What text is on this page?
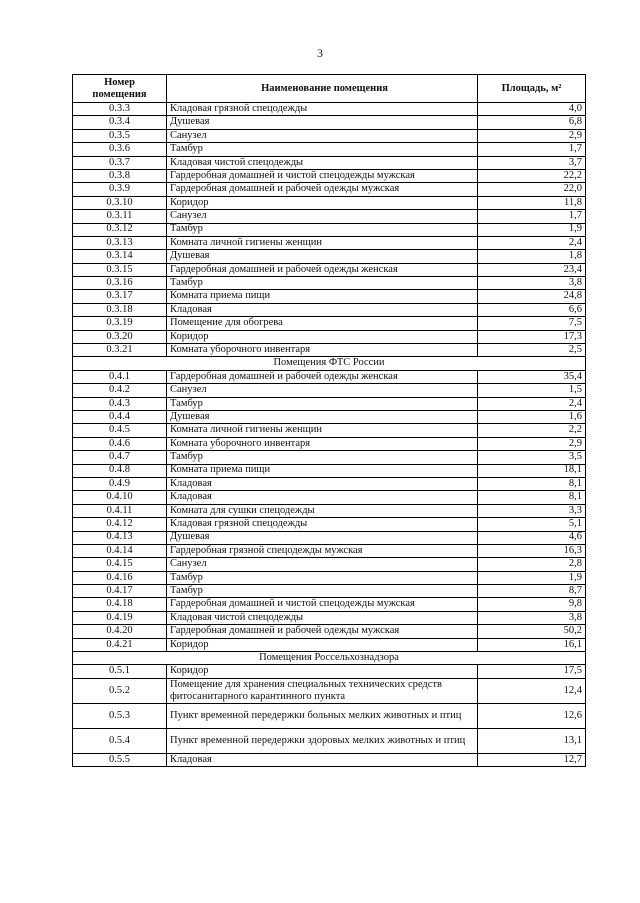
3
Номер помещения	Наименование помещения	Площадь, м²
0.3.3	Кладовая грязной спецодежды	4,0
0.3.4	Душевая	6,8
0.3.5	Санузел	2,9
0.3.6	Тамбур	1,7
0.3.7	Кладовая чистой спецодежды	3,7
0.3.8	Гардеробная домашней и чистой спецодежды мужская	22,2
0.3.9	Гардеробная домашней и рабочей одежды мужская	22,0
0.3.10	Коридор	11,8
0.3.11	Санузел	1,7
0.3.12	Тамбур	1,9
0.3.13	Комната личной гигиены женщин	2,4
0.3.14	Душевая	1,8
0.3.15	Гардеробная домашней и рабочей одежды женская	23,4
0.3.16	Тамбур	3,8
0.3.17	Комната приема пищи	24,8
0.3.18	Кладовая	6,6
0.3.19	Помещение для обогрева	7,5
0.3.20	Коридор	17,3
0.3.21	Комната уборочного инвентаря	2,5
Помещения ФТС России		
0.4.1	Гардеробная домашней и рабочей одежды женская	35,4
0.4.2	Санузел	1,5
0.4.3	Тамбур	2,4
0.4.4	Душевая	1,6
0.4.5	Комната личной гигиены женщин	2,2
0.4.6	Комната уборочного инвентаря	2,9
0.4.7	Тамбур	3,5
0.4.8	Комната приема пищи	18,1
0.4.9	Кладовая	8,1
0.4.10	Кладовая	8,1
0.4.11	Комната для сушки спецодежды	3,3
0.4.12	Кладовая грязной спецодежды	5,1
0.4.13	Душевая	4,6
0.4.14	Гардеробная грязной спецодежды мужская	16,3
0.4.15	Санузел	2,8
0.4.16	Тамбур	1,9
0.4.17	Тамбур	8,7
0.4.18	Гардеробная домашней и чистой спецодежды мужская	9,8
0.4.19	Кладовая чистой спецодежды	3,8
0.4.20	Гардеробная домашней и рабочей одежды мужская	50,2
0.4.21	Коридор	16,1
Помещения Россельхознадзора		
0.5.1	Коридор	17,5
0.5.2	Помещение для хранения специальных технических средств фитосанитарного карантинного пункта	12,4
0.5.3	Пункт временной передержки больных мелких животных и птиц	12,6
0.5.4	Пункт временной передержки здоровых мелких животных и птиц	13,1
0.5.5	Кладовая	12,7
